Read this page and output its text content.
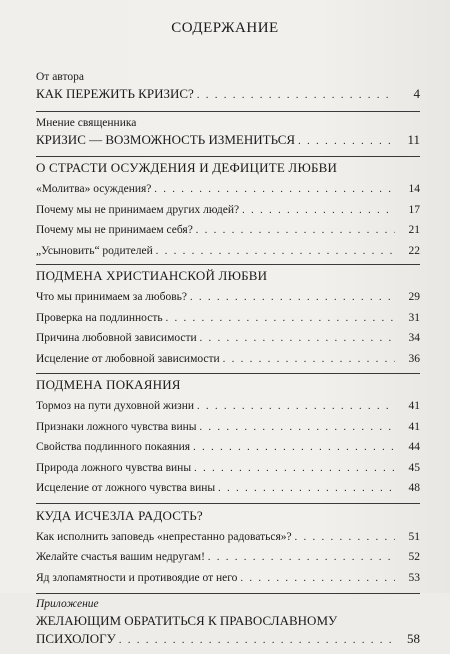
СОДЕРЖАНИЕ
От автора
КАК ПЕРЕЖИТЬ КРИЗИС? . . .	4
Мнение священника
КРИЗИС — ВОЗМОЖНОСТЬ ИЗМЕНИТЬСЯ . . .	11
О СТРАСТИ ОСУЖДЕНИЯ И ДЕФИЦИТЕ ЛЮБВИ
«Молитва» осуждения? . . .	14
Почему мы не принимаем других людей? . . .	17
Почему мы не принимаем себя? . . .	21
„Усыновить“ родителей . . .	22
ПОДМЕНА ХРИСТИАНСКОЙ ЛЮБВИ
Что мы принимаем за любовь? . . .	29
Проверка на подлинность . . .	31
Причина любовной зависимости . . .	34
Исцеление от любовной зависимости . . .	36
ПОДМЕНА ПОКАЯНИЯ
Тормоз на пути духовной жизни . . .	41
Признаки ложного чувства вины . . .	41
Свойства подлинного покаяния . . .	44
Природа ложного чувства вины . . .	45
Исцеление от ложного чувства вины . . .	48
КУДА ИСЧЕЗЛА РАДОСТЬ?
Как исполнить заповедь «непрестанно радоваться»? . . .	51
Желайте счастья вашим недругам! . . .	52
Яд злопамятности и противоядие от него . . .	53
Приложение
ЖЕЛАЮЩИМ ОБРАТИТЬСЯ К ПРАВОСЛАВНОМУ
ПСИХОЛОГУ . . .	58
